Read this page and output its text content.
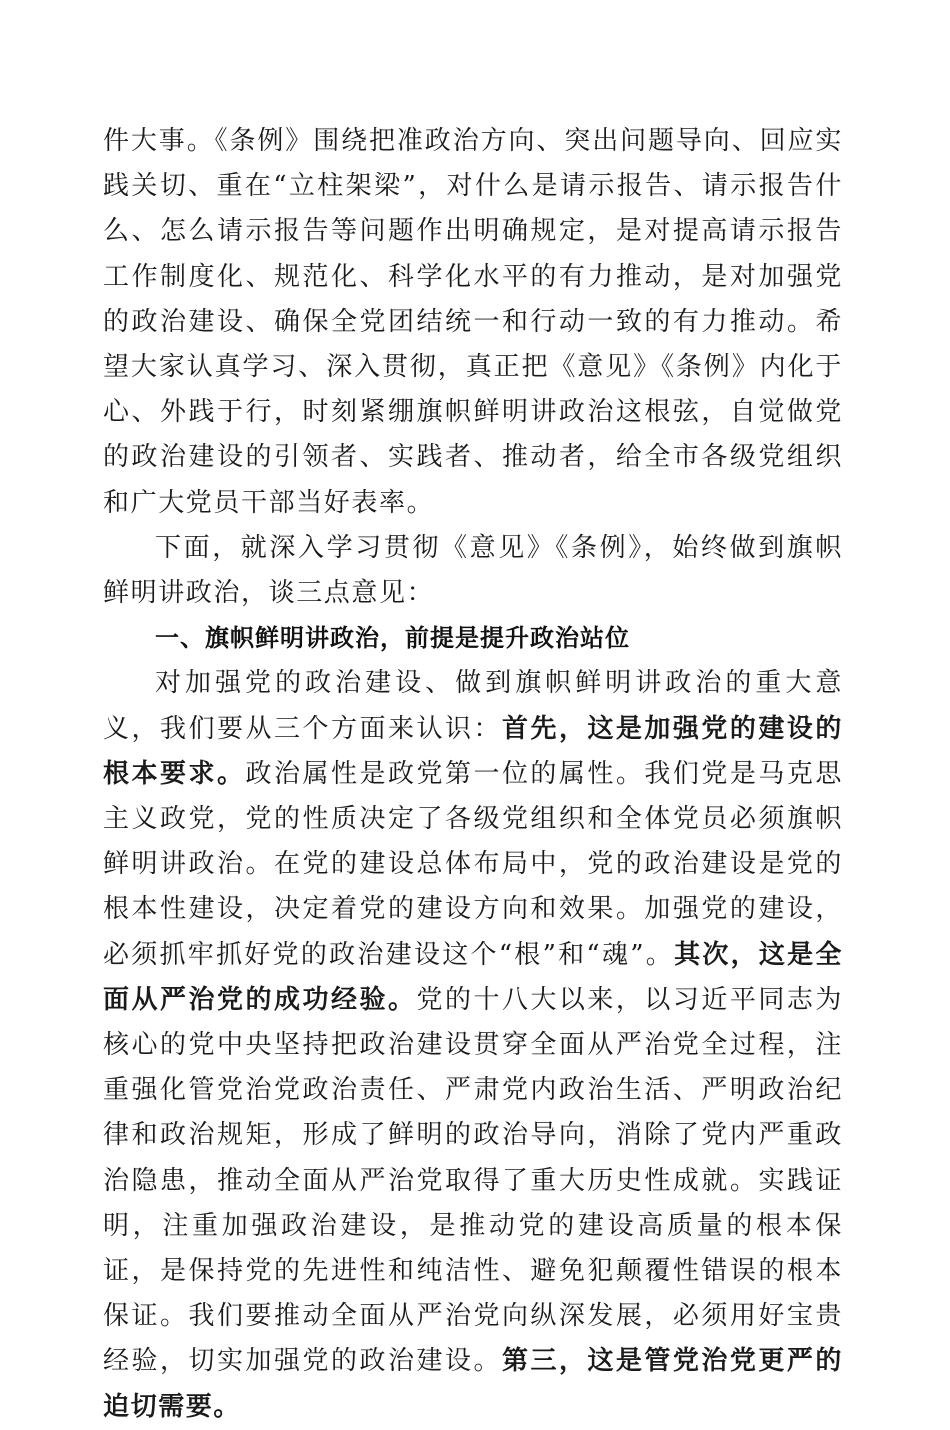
件大事。《条例》围绕把准政治方向、突出问题导向、回应实践关切、重在“立柱架梁”，对什么是请示报告、请示报告什么、怎么请示报告等问题作出明确规定，是对提高请示报告工作制度化、规范化、科学化水平的有力推动，是对加强党的政治建设、确保全党团结统一和行动一致的有力推动。希望大家认真学习、深入贯彻，真正把《意见》《条例》内化于心、外践于行，时刻紧绷旗帜鲜明讲政治这根弦，自觉做党的政治建设的引领者、实践者、推动者，给全市各级党组织和广大党员干部当好表率。

下面，就深入学习贯彻《意见》《条例》，始终做到旗帜鲜明讲政治，谈三点意见：

一、旗帜鲜明讲政治，前提是提升政治站位

对加强党的政治建设、做到旗帜鲜明讲政治的重大意义，我们要从三个方面来认识：首先，这是加强党的建设的根本要求。政治属性是政党第一位的属性。我们党是马克思主义政党，党的性质决定了各级党组织和全体党员必须旗帜鲜明讲政治。在党的建设总体布局中，党的政治建设是党的根本性建设，决定着党的建设方向和效果。加强党的建设，必须抓牢抓好党的政治建设这个“根”和“魂”。其次，这是全面从严治党的成功经验。党的十八大以来，以习近平同志为核心的党中央坚持把政治建设贯穿全面从严治党全过程，注重强化管党治党政治责任、严肃党内政治生活、严明政治纪律和政治规矩，形成了鲜明的政治导向，消除了党内严重政治隐患，推动全面从严治党取得了重大历史性成就。实践证明，注重加强政治建设，是推动党的建设高质量的根本保证，是保持党的先进性和纯洁性、避免犯颠覆性错误的根本保证。我们要推动全面从严治党向纵深发展，必须用好宝贵经验，切实加强党的政治建设。第三，这是管党治党更严的迫切需要。
